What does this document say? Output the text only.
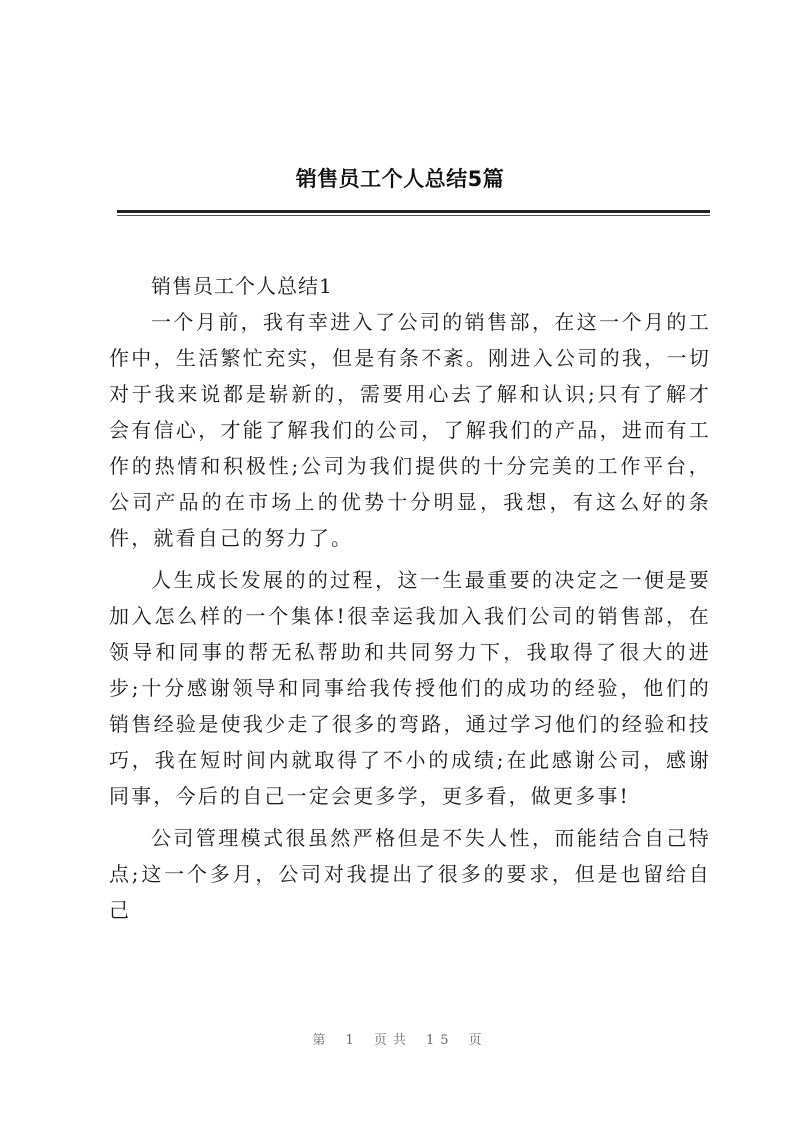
销售员工个人总结5篇

销售员工个人总结1

一个月前，我有幸进入了公司的销售部，在这一个月的工作中，生活繁忙充实，但是有条不紊。刚进入公司的我，一切对于我来说都是崭新的，需要用心去了解和认识;只有了解才会有信心，才能了解我们的公司，了解我们的产品，进而有工作的热情和积极性;公司为我们提供的十分完美的工作平台，公司产品的在市场上的优势十分明显，我想，有这么好的条件，就看自己的努力了。

人生成长发展的的过程，这一生最重要的决定之一便是要加入怎么样的一个集体!很幸运我加入我们公司的销售部，在领导和同事的帮无私帮助和共同努力下，我取得了很大的进步;十分感谢领导和同事给我传授他们的成功的经验，他们的销售经验是使我少走了很多的弯路，通过学习他们的经验和技巧，我在短时间内就取得了不小的成绩;在此感谢公司，感谢同事，今后的自己一定会更多学，更多看，做更多事!

公司管理模式很虽然严格但是不失人性，而能结合自己特点;这一个多月，公司对我提出了很多的要求，但是也留给自己

第 1 页共 15 页
